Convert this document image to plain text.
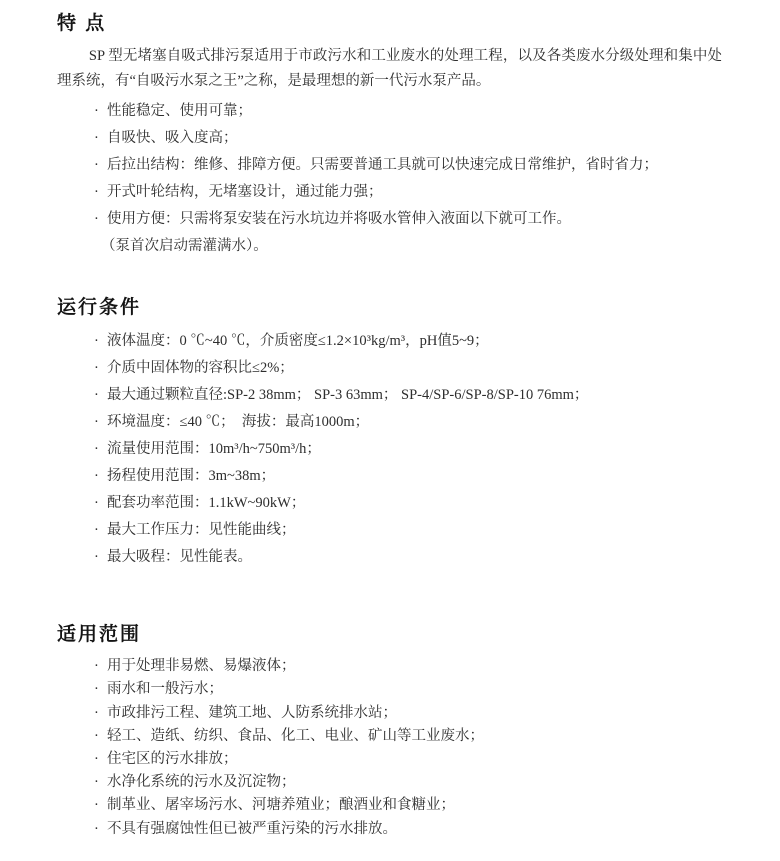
特 点

SP 型无堵塞自吸式排污泵适用于市政污水和工业废水的处理工程，以及各类废水分级处理和集中处理系统，有“自吸污水泵之王”之称，是最理想的新一代污水泵产品。

· 性能稳定、使用可靠；
· 自吸快、吸入度高；
· 后拉出结构：维修、排障方便。只需要普通工具就可以快速完成日常维护，省时省力；
· 开式叶轮结构，无堵塞设计，通过能力强；
· 使用方便：只需将泵安装在污水坑边并将吸水管伸入液面以下就可工作。

（泵首次启动需灌满水）。

运行条件
· 液体温度：0 ℃~40 ℃，介质密度≤1.2×10³kg/m³，pH值5~9；
· 介质中固体物的容积比≤2%；
· 最大通过颗粒直径:SP-2 38mm； SP-3 63mm； SP-4/SP-6/SP-8/SP-10 76mm；
· 环境温度：≤40 ℃；　海拔：最高1000m；
· 流量使用范围：10m³/h~750m³/h；
· 扬程使用范围：3m~38m；
· 配套功率范围：1.1kW~90kW；
· 最大工作压力：见性能曲线；
· 最大吸程：见性能表。
适用范围
· 用于处理非易燃、易爆液体；
· 雨水和一般污水；
· 市政排污工程、建筑工地、人防系统排水站；
· 轻工、造纸、纺织、食品、化工、电业、矿山等工业废水；
· 住宅区的污水排放；
· 水净化系统的污水及沉淀物；
· 制革业、屠宰场污水、河塘养殖业；酿酒业和食糖业；
· 不具有强腐蚀性但已被严重污染的污水排放。
